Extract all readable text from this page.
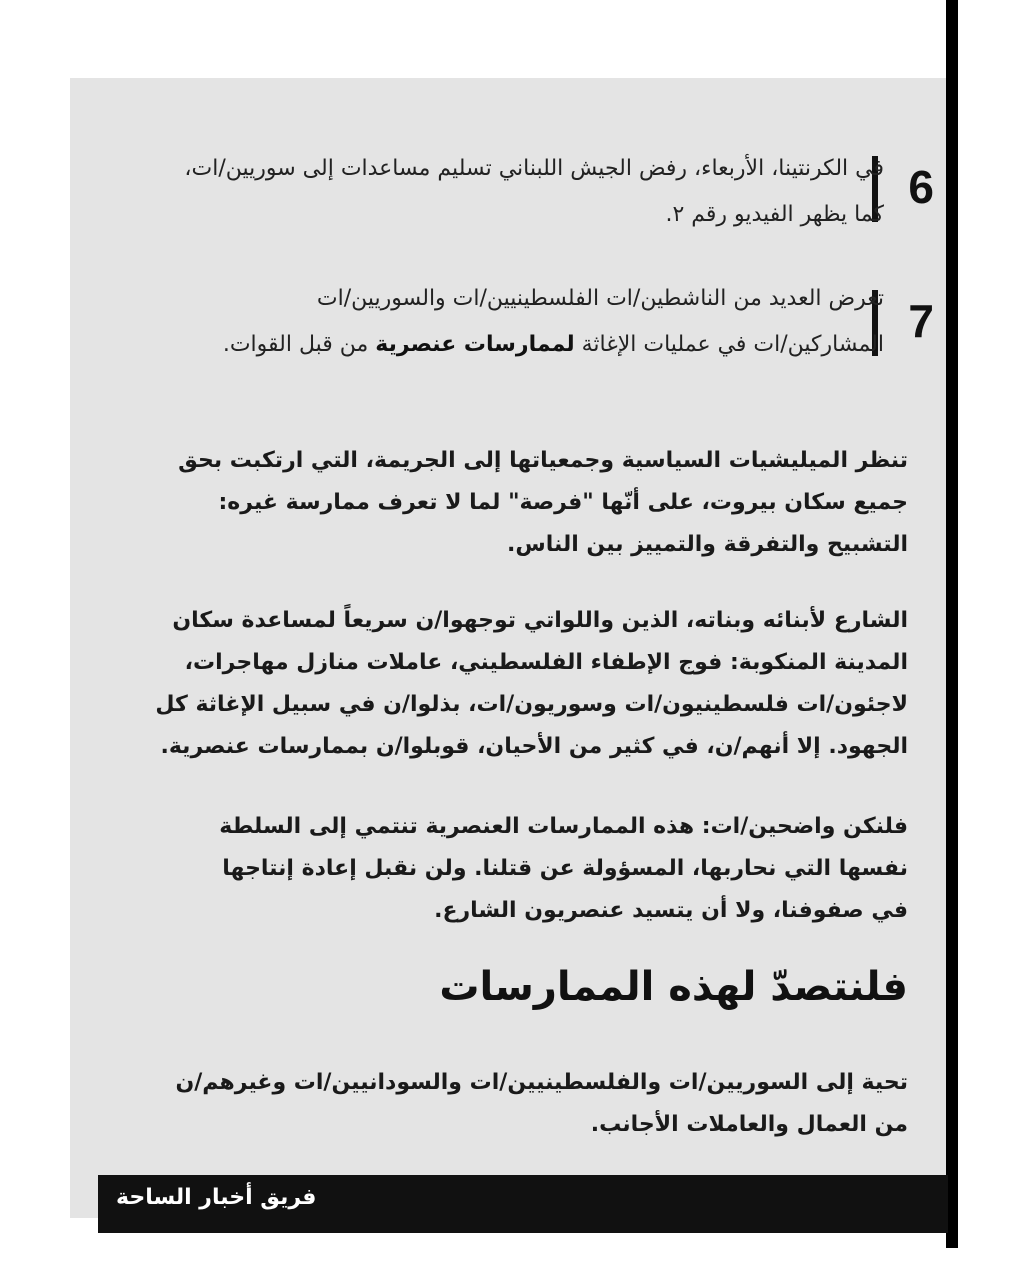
6
في الكرنتينا، الأربعاء، رفض الجيش اللبناني تسليم مساعدات إلى سوريين/ات،
كما يظهر الفيديو رقم ٢.
7
تعرض العديد من الناشطين/ات الفلسطينيين/ات والسوريين/ات
المشاركين/ات في عمليات الإغاثة لممارسات عنصرية من قبل القوات.
تنظر الميليشيات السياسية وجمعياتها إلى الجريمة، التي ارتكبت بحق جميع سكان بيروت، على أنّها "فرصة" لما لا تعرف ممارسة غيره: التشبيح والتفرقة والتمييز بين الناس.
الشارع لأبنائه وبناته، الذين واللواتي توجهوا/ن سريعاً لمساعدة سكان المدينة المنكوبة: فوج الإطفاء الفلسطيني، عاملات منازل مهاجرات، لاجئون/ات فلسطينيون/ات وسوريون/ات، بذلوا/ن في سبيل الإغاثة كل الجهود. إلا أنهم/ن، في كثير من الأحيان، قوبلوا/ن بممارسات عنصرية.
فلنكن واضحين/ات: هذه الممارسات العنصرية تنتمي إلى السلطة نفسها التي نحاربها، المسؤولة عن قتلنا. ولن نقبل إعادة إنتاجها في صفوفنا، ولا أن يتسيد عنصريون الشارع.
فلنتصدّ لهذه الممارسات
تحية إلى السوريين/ات والفلسطينيين/ات والسودانيين/ات وغيرهم/ن من العمال والعاملات الأجانب.
فريق أخبار الساحة
